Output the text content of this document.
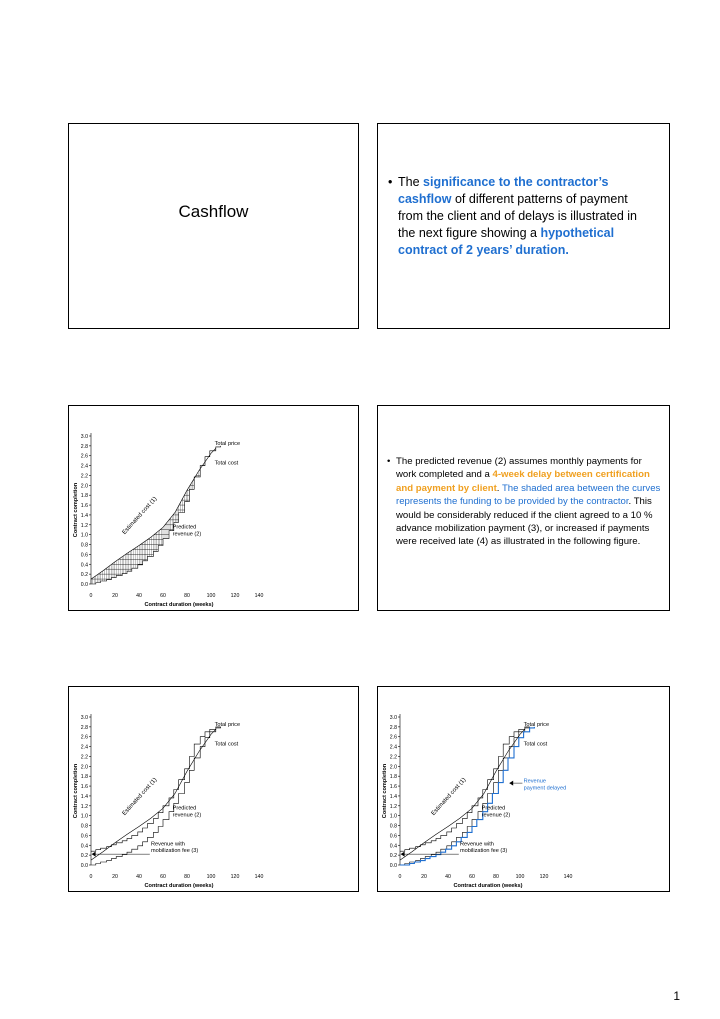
Cashflow
• The significance to the contractor’s cashflow of different patterns of payment from the client and of delays is illustrated in the next figure showing a hypothetical contract of 2 years’ duration.
0.0
0.2
0.4
0.6
0.8
1.0
1.2
1.4
1.6
1.8
2.0
2.2
2.4
2.6
2.8
3.0
0	20	40	60	80	100	120	140
Contract duration (weeks)
Contract completion
Total price
Total cost
Estimated cost (1)	Predicted
revenue (2)
• The predicted revenue (2) assumes monthly payments for work completed and a 4-week delay between certification and payment by client. The shaded area between the curves represents the funding to be provided by the contractor. This would be considerably reduced if the client agreed to a 10 % advance mobilization payment (3), or increased if payments were received late (4) as illustrated in the following figure.
0.0
0.2
0.4
0.6
0.8
1.0
1.2
1.4
1.6
1.8
2.0
2.2
2.4
2.6
2.8
3.0
0	20	40	60	80	100	120	140
Contract duration (weeks)
Contract completion
Total price
Total cost
Estimated cost (1)	Predicted
revenue (2)
Revenue with
mobilization fee (3)
0.0
0.2
0.4
0.6
0.8
1.0
1.2
1.4
1.6
1.8
2.0
2.2
2.4
2.6
2.8
3.0
0	20	40	60	80	100	120	140
Contract duration (weeks)
Contract completion
Total price
Total cost
Estimated cost (1)	Predicted
revenue (2)
Revenue with
mobilization fee (3)
Revenue
payment delayed
1
